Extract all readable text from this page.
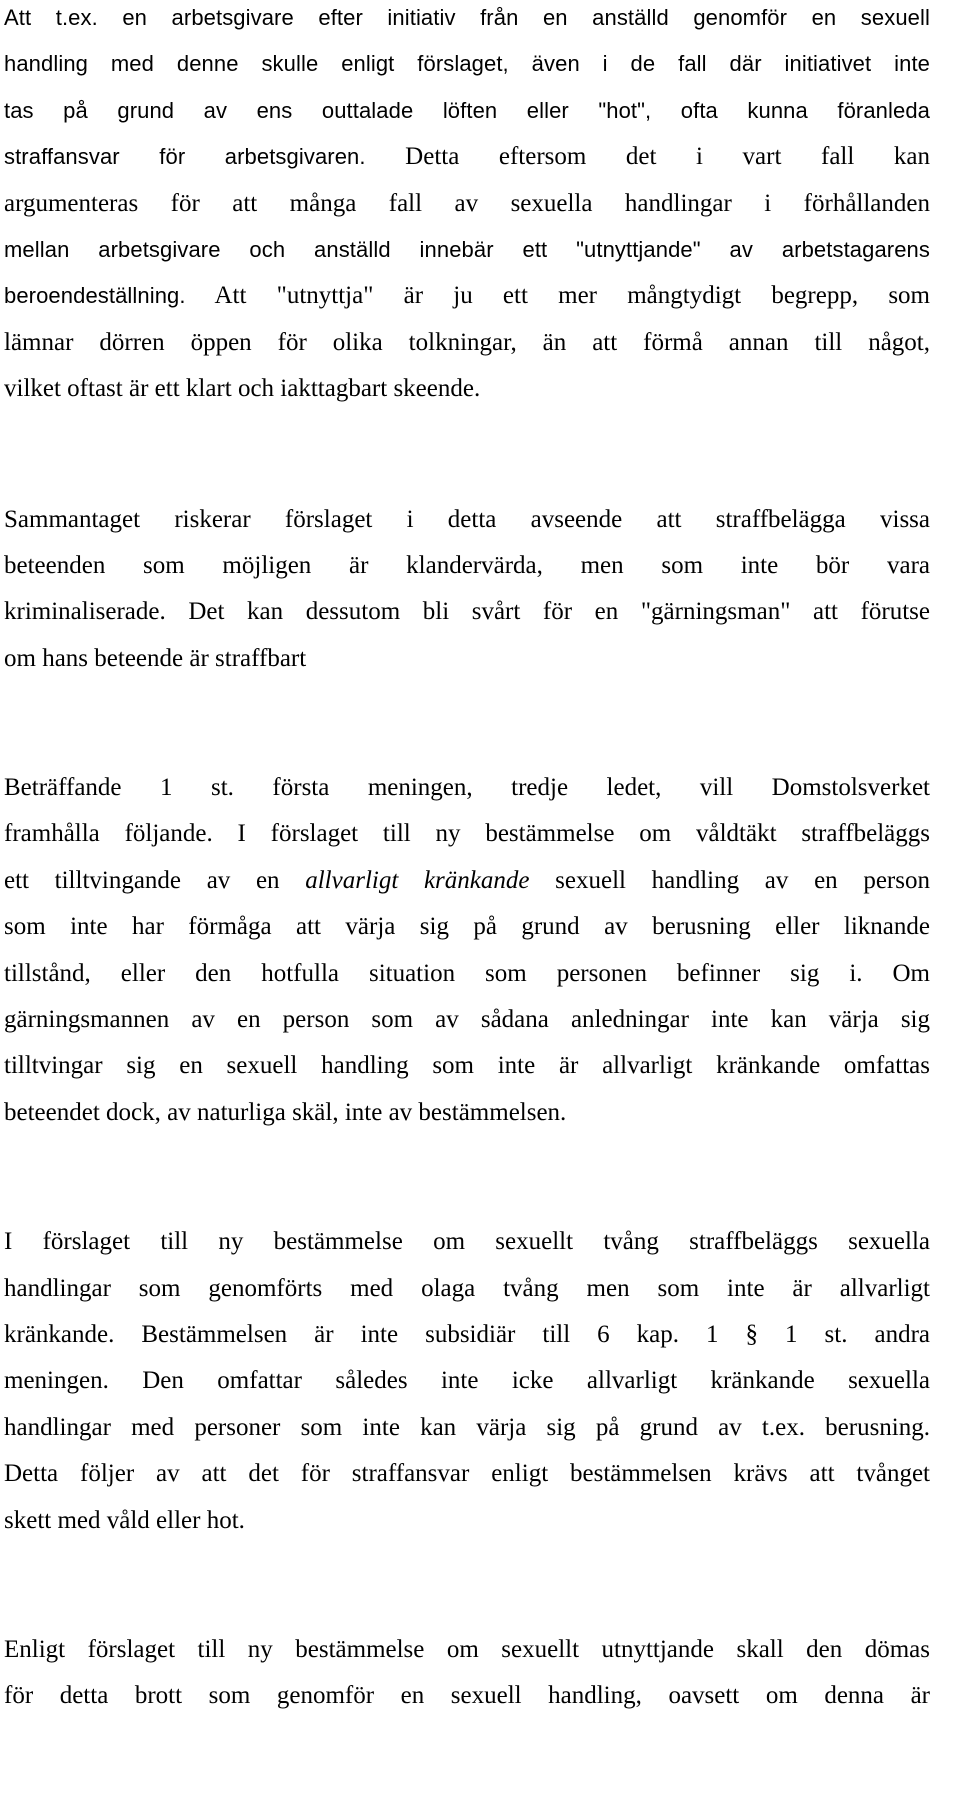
Att t.ex. en arbetsgivare efter initiativ från en anställd genomför en sexuell
handling med denne skulle enligt förslaget, även i de fall där initiativet inte
tas på grund av ens outtalade löften eller "hot", ofta kunna föranleda
straffansvar för arbetsgivaren. Detta eftersom det i vart fall kan
argumenteras för att många fall av sexuella handlingar i förhållanden
mellan arbetsgivare och anställd innebär ett "utnyttjande" av arbetstagarens
beroendeställning. Att "utnyttja" är ju ett mer mångtydigt begrepp, som
lämnar dörren öppen för olika tolkningar, än att förmå annan till något,
vilket oftast är ett klart och iakttagbart skeende.
Sammantaget riskerar förslaget i detta avseende att straffbelägga vissa
beteenden som möjligen är klandervärda, men som inte bör vara
kriminaliserade. Det kan dessutom bli svårt för en "gärningsman" att förutse
om hans beteende är straffbart
Beträffande 1 st. första meningen, tredje ledet, vill Domstolsverket
framhålla följande. I förslaget till ny bestämmelse om våldtäkt straffbeläggs
ett tilltvingande av en allvarligt kränkande sexuell handling av en person
som inte har förmåga att värja sig på grund av berusning eller liknande
tillstånd, eller den hotfulla situation som personen befinner sig i. Om
gärningsmannen av en person som av sådana anledningar inte kan värja sig
tilltvingar sig en sexuell handling som inte är allvarligt kränkande omfattas
beteendet dock, av naturliga skäl, inte av bestämmelsen.
I förslaget till ny bestämmelse om sexuellt tvång straffbeläggs sexuella
handlingar som genomförts med olaga tvång men som inte är allvarligt
kränkande. Bestämmelsen är inte subsidiär till 6 kap. 1 § 1 st. andra
meningen. Den omfattar således inte icke allvarligt kränkande sexuella
handlingar med personer som inte kan värja sig på grund av t.ex. berusning.
Detta följer av att det för straffansvar enligt bestämmelsen krävs att tvånget
skett med våld eller hot.
Enligt förslaget till ny bestämmelse om sexuellt utnyttjande skall den dömas
för detta brott som genomför en sexuell handling, oavsett om denna är
